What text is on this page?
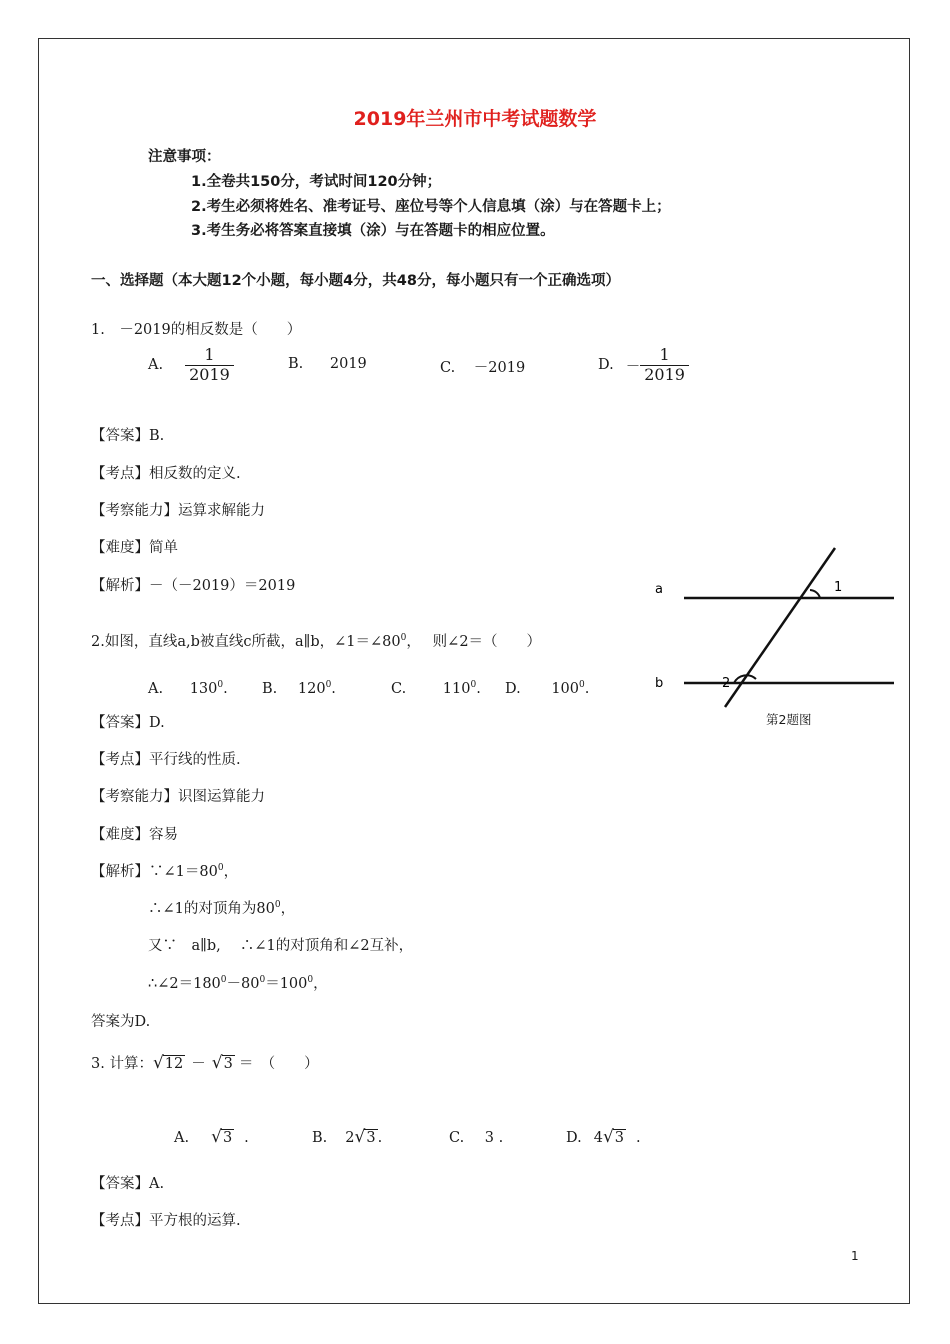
2019年兰州市中考试题数学
注意事项：
1.全卷共150分，考试时间120分钟；
2.考生必须将姓名、准考证号、座位号等个人信息填（涂）与在答题卡上；
3.考生务必将答案直接填（涂）与在答题卡的相应位置。
一、选择题（本大题12个小题，每小题4分，共48分，每小题只有一个正确选项）
1.　－2019的相反数是（　　）
A. $\frac{1}{2019}$	B. 2019	C. －2019	D. － $\frac{1}{2019}$
【答案】B.
【考点】相反数的定义.
【考察能力】运算求解能力
【难度】简单
【解析】－（－2019）＝2019	a
b
1
2
第2题图
2.如图，直线a,b被直线c所截，a∥b，$\angle 1=\angle 80^0$，　 则∠2＝（　　）
A. $130^0$. B. $120^0$.	C.	$110^0$. D. $100^0$.
【答案】D.
【考点】平行线的性质.
【考察能力】识图运算能力
【难度】容易
【解析】$\because\angle 1=80^0$，
∴∠1的对顶角为$80^0$，
又∵　a∥b,　 ∴∠1的对顶角和∠2互补，
$\therefore\angle 2=180^0-80^0=100^0$，
答案为D.
3. 计算： √12 － √3 ＝　（　　）
A. √3 .	B. 2 √3 .	C. 3 .	D. 4 √3 .
【答案】A.
【考点】平方根的运算.
1
